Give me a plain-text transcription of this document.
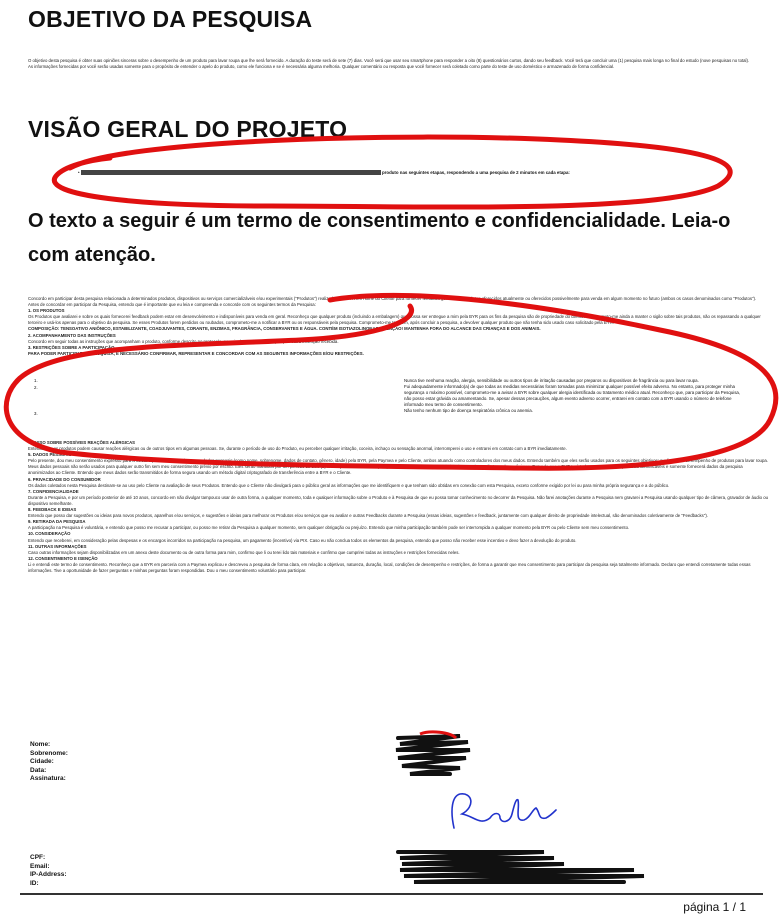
OBJETIVO DA PESQUISA

O objetivo desta pesquisa é obter suas opiniões sinceras sobre o desempenho de um produto para lavar roupa que lhe será fornecido. A duração do teste será de sete (7) dias. Você será que usar seu smartphone para responder a oito (8) questionários curtos, dando seu feedback. Você terá que concluir uma (1) pesquisa mais longa no final do estudo (nove pesquisas no total).

As informações fornecidas por você serão usadas somente para o propósito de entender o apelo do produto, como ele funciona e se é necessária alguma melhoria. Qualquer comentário ou resposta que você fornecer será coletado como parte do teste de uso doméstico e armazenado de forma confidencial.

VISÃO GERAL DO PROJETO
•	produto nas seguintes etapas, respondendo a uma pesquisa de 2 minutos em cada etapa:
O texto a seguir é um termo de consentimento e confidencialidade. Leia-o com atenção.

Concordo em participar desta pesquisa relacionada a determinados produtos, dispositivos ou serviços comercializáveis e/ou experimentais ("Produtos") realizada pela BYR em nome do Cliente para fornecer feedback geral sobre produtos oferecidos atualmente ou oferecidos possivelmente para venda em algum momento no futuro (ambos os casos denominados como "Produtos"). Antes de concordar em participar da Pesquisa, entendo que é importante que eu leia e compreenda e concorde com os seguintes termos da Pesquisa:

1. OS PRODUTOS

Os Produtos que avaliarei e sobre os quais fornecerei feedback podem estar em desenvolvimento e indisponíveis para venda em geral. Reconheço que qualquer produto (incluindo a embalagem) que possa ser entregue a mim pela BYR para os fins da pesquisa são de propriedade do cliente. Comprometo-me ainda a manter o sigilo sobre tais produtos, não os repassando a qualquer terceiro e usá-los apenas para o objetivo da pesquisa. Se esses Produtos forem perdidos ou roubados, comprometo-me a notificar a BYR ou os responsáveis pela pesquisa. Comprometo-me também, após concluir a pesquisa, a devolver qualquer produto que não tenha sido usado caso solicitado pela BYR.

COMPOSIÇÃO: TENSOATIVO ANIÔNICO, ESTABILIZANTE, COADJUVANTES, CORANTE, ENZIMAS, FRAGRÂNCIA, CONSERVANTES E ÁGUA. CONTÉM ISOTIAZOLINONAS. ATENÇÃO! MANTENHA FORA DO ALCANCE DAS CRIANÇAS E DOS ANIMAIS.

2. ACOMPANHAMENTO DAS INSTRUÇÕES

Concordo em seguir todas as instruções que acompanham o produto, conforme descrito no protocolo, no guia do usuário ou em qualquer outra instrução recebida.

3. RESTRIÇÕES SOBRE A PARTICIPAÇÃO

PARA PODER PARTICIPAR DA PESQUISA, É NECESSÁRIO CONFIRMAR, REPRESENTAR E CONCORDAR COM AS SEGUINTES INFORMAÇÕES E/OU RESTRIÇÕES.

1.
2.

3.

Nunca tive nenhuma reação, alergia, sensibilidade ou outros tipos de irritação causadas por preparos ou dispositivos de fragrância ou para lavar roupa.

Fui adequadamente informado(a) de que todas as medidas necessárias foram tomadas para minimizar qualquer possível efeito adverso. No entanto, para proteger minha segurança o máximo possível, comprometo-me a avisar a BYR sobre qualquer alergia identificada ou tratamento médico atual. Reconheço que, para participar da Pesquisa, não posso estar grávida ou amamentando. Se, apesar dessas precauções, algum evento adverso ocorrer, entrarei em contato com a BYR usando o número de telefone informado meu termo de consentimento.

Não tenho nenhum tipo de doença respiratória crônica ou anemia.

4. AVISO SOBRE POSSÍVEIS REAÇÕES ALÉRGICAS

Entendo que os produtos podem causar reações alérgicas ou de outros tipos em algumas pessoas. Se, durante o período de uso do Produto, eu perceber qualquer irritação, coceira, inchaço ou sensação anormal, interromperei o uso e entrarei em contato com a BYR imediatamente.

5. DADOS PESSOAIS

Pelo presente, dou meu consentimento expresso para a coleta e processamento dos meus dados pessoais (como nome, sobrenome, dados de contato, gênero, idade) pela BYR, pela Paymea e pelo Cliente, ambos atuando como controladores dos meus dados. Entendo também que eles serão usados para os seguintes objetivos: Avaliação do desempenho de produtos para lavar roupa. Meus dados pessoais não serão usados para qualquer outro fim sem meu consentimento prévio por escrito. Eles serão mantidos por um período de dois (2) anos após a conclusão da pesquisa, momento em que meus dados da pesquisa serão tornados anônimos. Entendo que a BYR terá todos os meus dados pessoais identificáveis e somente fornecerá dados da pesquisa anonimizados ao Cliente. Entendo que meus dados serão transmitidos de forma segura usando um método digital criptografado de transferência entre a BYR e o Cliente.

6. PRIVACIDADE DO CONSUMIDOR

Os dados coletados nesta Pesquisa destinam-se ao uso pelo Cliente na avaliação de seus Produtos. Entendo que o Cliente não divulgará para o público geral as informações que me identifiquem e que tenham sido obtidas em conexão com esta Pesquisa, exceto conforme exigido por lei ou para minha própria segurança e a do público.

7. CONFIDENCIALIDADE

Durante a Pesquisa, e por um período posterior de até 10 anos, concordo em não divulgar tampouco usar de outra forma, a qualquer momento, toda e qualquer informação sobre o Produto e à Pesquisa de que eu possa tomar conhecimento no decorrer da Pesquisa. Não farei anotações durante a Pesquisa nem gravarei a Pesquisa usando qualquer tipo de câmera, gravador de áudio ou dispositivo semelhante.

8. FEEDBACK E IDEIAS

Entendo que posso dar sugestões ou ideias para novos produtos, aparelhos e/ou serviços, e sugestões e ideias para melhorar os Produtos e/ou serviços que eu avaliar e outras Feedbacks durante a Pesquisa (essas ideias, sugestões e feedback, juntamente com qualquer direito de propriedade intelectual, são denominados coletivamente de "Feedbacks").

9. RETIRADA DA PESQUISA

A participação na Pesquisa é voluntária, e entendo que posso me recusar a participar, ou posso me retirar da Pesquisa a qualquer momento, sem qualquer obrigação ou prejuízo. Entendo que minha participação também pode ser interrompida a qualquer momento pela BYR ou pelo Cliente sem meu consentimento.

10. CONSIDERAÇÃO

Entendo que receberei, em consideração pelas despesas e os encargos incorridos na participação na pesquisa, um pagamento (incentivo) via PIX. Caso eu não conclua todos os elementos da pesquisa, entendo que posso não receber esse incentivo e devo fazer a devolução do produto.

11. OUTRAS INFORMAÇÕES

Caso outras informações sejam disponibilizadas em um anexo deste documento ou de outra forma para mim, confirmo que li ou terei lido tais materiais e confirmo que cumprirei todas as instruções e restrições fornecidas neles.

12. CONSENTIMENTO E ISENÇÃO

Li e entendi este termo de consentimento. Reconheço que a BYR em parceria com a Paymea explicou e descreveu a pesquisa de forma clara, em relação a objetivos, natureza, duração, local, condições de desempenho e restrições, de forma a garantir que meu consentimento para participar da pesquisa seja totalmente informado. Declaro que entendi corretamente todas essas informações. Tive a oportunidade de fazer perguntas e minhas perguntas foram respondidas. Dou o meu consentimento voluntário para participar.

Nome:
Sobrenome:
Cidade:
Data:
Assinatura:
CPF:
Email:
IP-Address:
ID:
página 1 / 1
